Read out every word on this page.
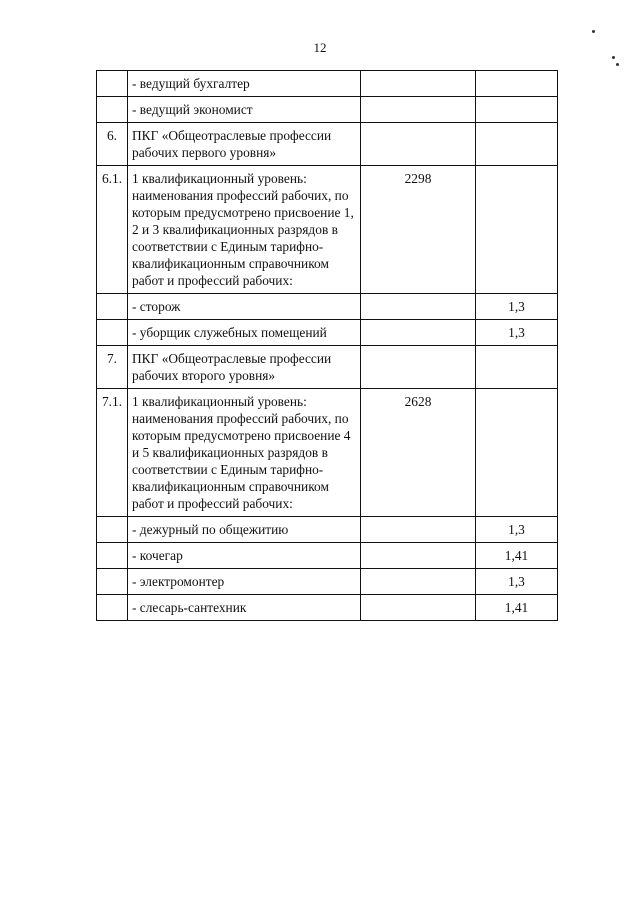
12
	- ведущий бухгалтер		
	- ведущий экономист		
6.	ПКГ «Общеотраслевые профессии рабочих первого уровня»		
6.1.	1 квалификационный уровень: наименования профессий рабочих, по которым предусмотрено присвоение 1, 2 и 3 квалификационных разрядов в соответствии с Единым тарифно-квалификационным справочником работ и профессий рабочих:	2298	
	- сторож		1,3
	- уборщик служебных помещений		1,3
7.	ПКГ «Общеотраслевые профессии рабочих второго уровня»		
7.1.	1 квалификационный уровень: наименования профессий рабочих, по которым предусмотрено присвоение 4 и 5 квалификационных разрядов в соответствии с Единым тарифно-квалификационным справочником работ и профессий рабочих:	2628	
	- дежурный по общежитию		1,3
	- кочегар		1,41
	- электромонтер		1,3
	- слесарь-сантехник		1,41
